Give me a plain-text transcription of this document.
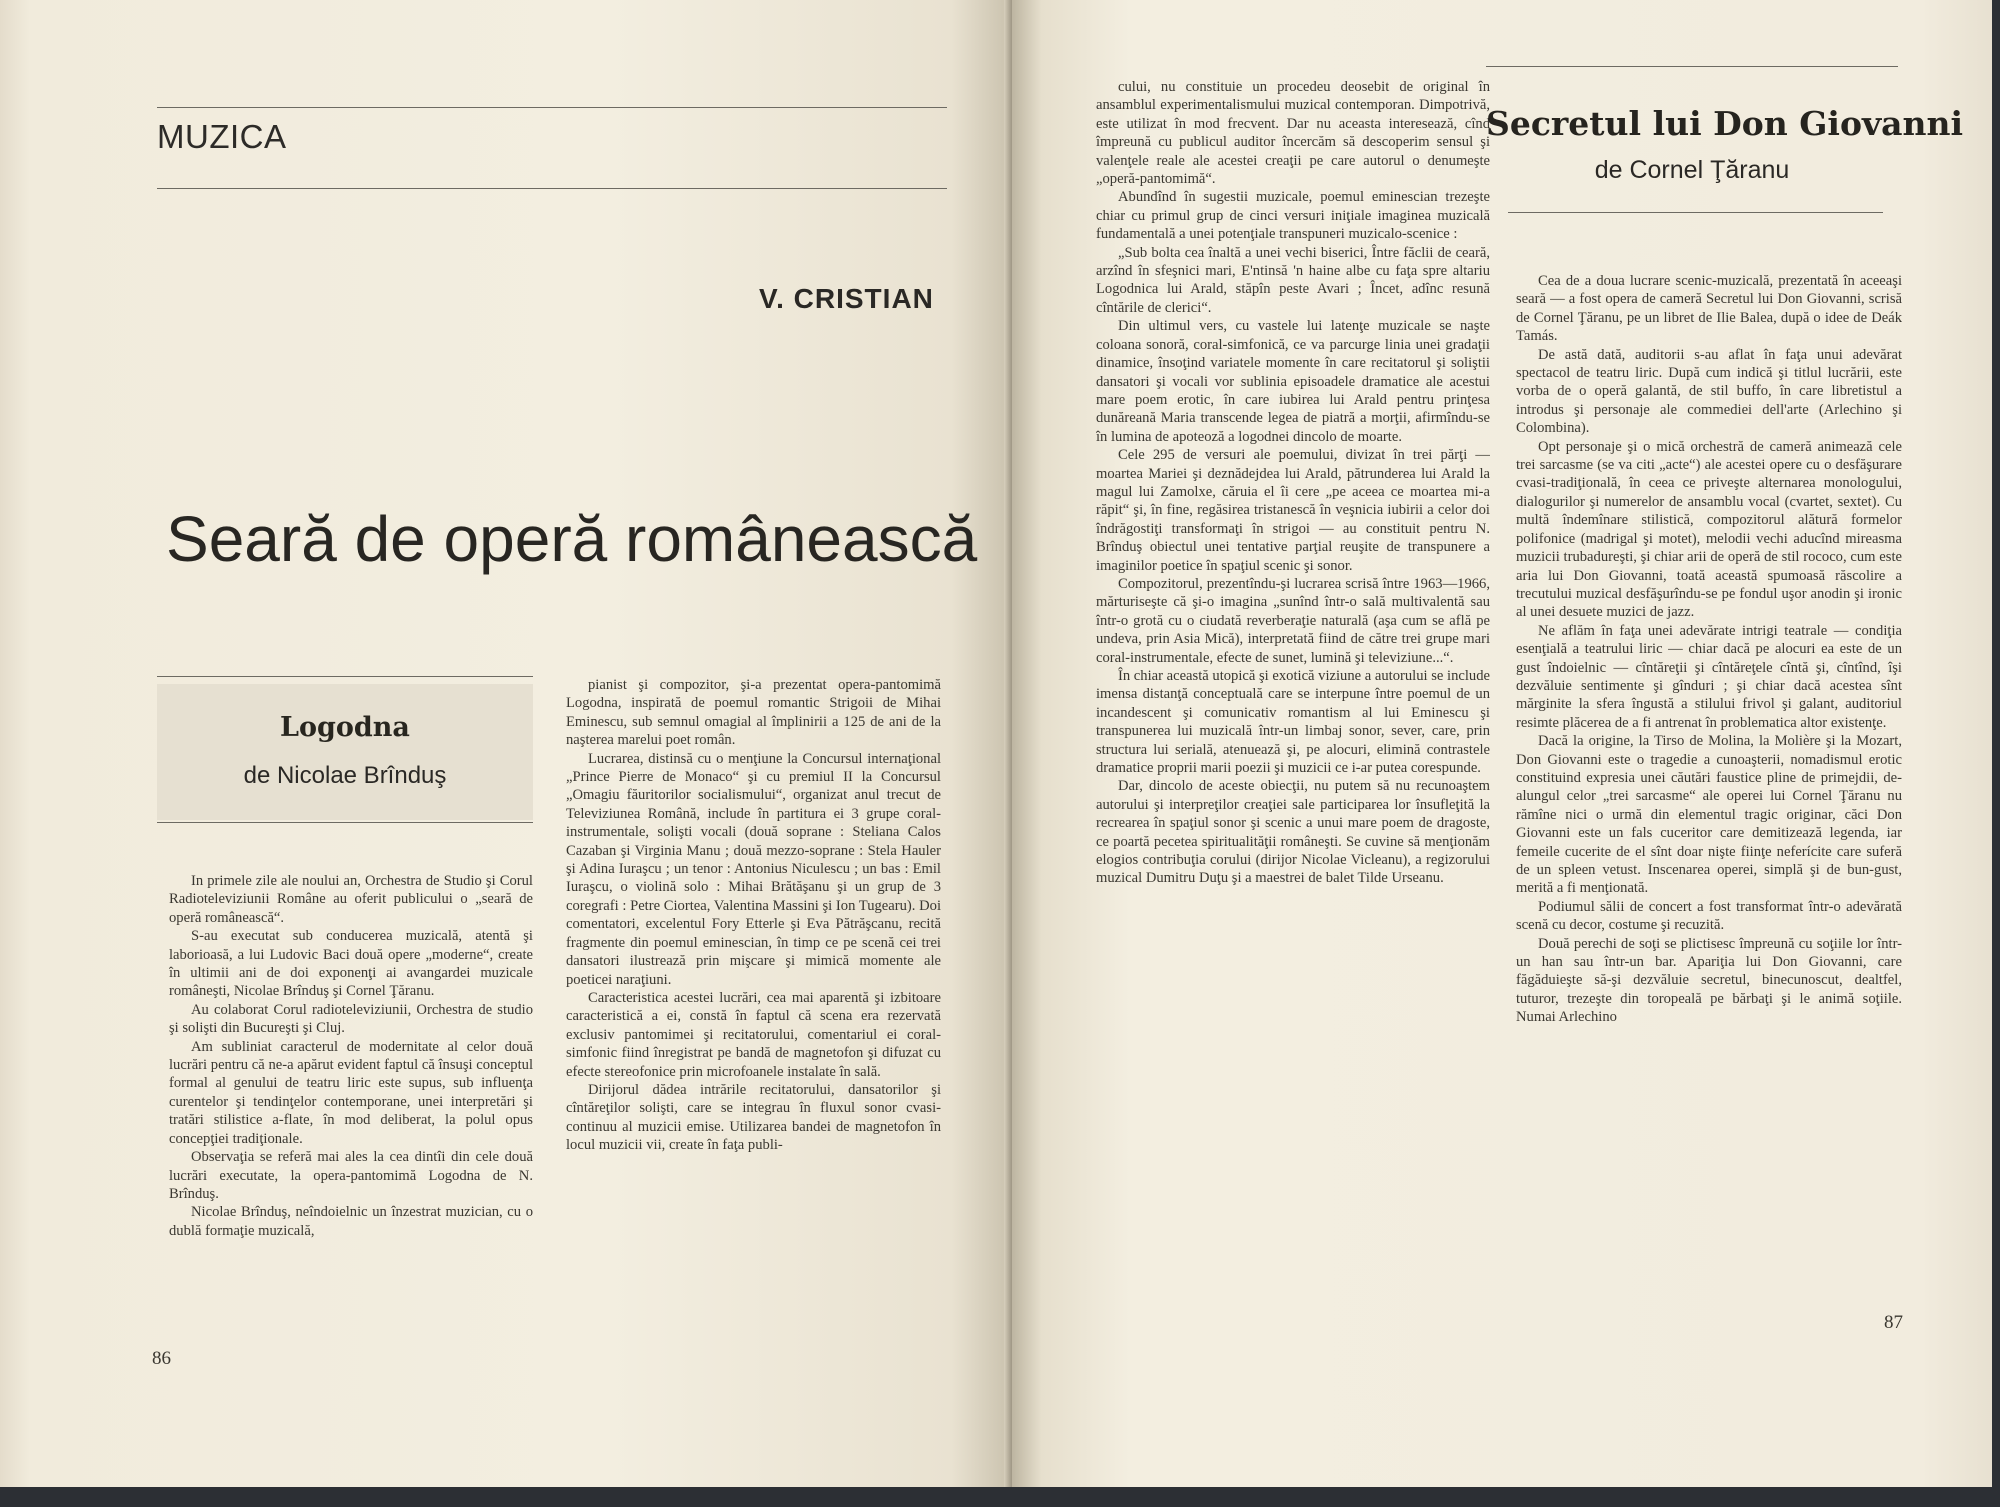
MUZICA
V. CRISTIAN
Seară de operă românească
Logodna
de Nicolae Brînduş

In primele zile ale noului an, Orchestra de Studio şi Corul Radioteleviziunii Române au oferit publicului o „seară de operă românească“.

S-au executat sub conducerea muzicală, atentă şi laborioasă, a lui Ludovic Baci două opere „moderne“, create în ultimii ani de doi exponenţi ai avangardei muzicale româneşti, Nicolae Brînduş şi Cornel Ţăranu.

Au colaborat Corul radioteleviziunii, Orchestra de studio şi solişti din Bucureşti şi Cluj.

Am subliniat caracterul de modernitate al celor două lucrări pentru că ne-a apărut evident faptul că însuşi conceptul formal al genului de teatru liric este supus, sub influenţa curentelor şi tendinţelor contemporane, unei interpretări şi tratări stilistice a-flate, în mod deliberat, la polul opus concepţiei tradiţionale.

Observaţia se referă mai ales la cea dintîi din cele două lucrări executate, la opera-pantomimă Logodna de N. Brînduş.

Nicolae Brînduş, neîndoielnic un înzestrat muzician, cu o dublă formaţie muzicală,

pianist şi compozitor, şi-a prezentat opera-pantomimă Logodna, inspirată de poemul romantic Strigoii de Mihai Eminescu, sub semnul omagial al împlinirii a 125 de ani de la naşterea marelui poet român.

Lucrarea, distinsă cu o menţiune la Concursul internaţional „Prince Pierre de Monaco“ şi cu premiul II la Concursul „Omagiu făuritorilor socialismului“, organizat anul trecut de Televiziunea Română, include în partitura ei 3 grupe coral-instrumentale, solişti vocali (două soprane : Steliana Calos Cazaban şi Virginia Manu ; două mezzo-soprane : Stela Hauler şi Adina Iuraşcu ; un tenor : Antonius Niculescu ; un bas : Emil Iuraşcu, o violină solo : Mihai Brătăşanu şi un grup de 3 coregrafi : Petre Ciortea, Valentina Massini şi Ion Tugearu). Doi comentatori, excelentul Fory Etterle şi Eva Pătrăşcanu, recită fragmente din poemul eminescian, în timp ce pe scenă cei trei dansatori ilustrează prin mişcare şi mimică momente ale poeticei naraţiuni.

Caracteristica acestei lucrări, cea mai aparentă şi izbitoare caracteristică a ei, constă în faptul că scena era rezervată exclusiv pantomimei şi recitatorului, comentariul ei coral-simfonic fiind înregistrat pe bandă de magnetofon şi difuzat cu efecte stereofonice prin microfoanele instalate în sală.

Dirijorul dădea intrările recitatorului, dansatorilor şi cîntăreţilor solişti, care se integrau în fluxul sonor cvasi-continuu al muzicii emise. Utilizarea bandei de magnetofon în locul muzicii vii, create în faţa publi-

86

cului, nu constituie un procedeu deosebit de original în ansamblul experimentalismului muzical contemporan. Dimpotrivă, este utilizat în mod frecvent. Dar nu aceasta interesează, cînd împreună cu publicul auditor încercăm să descoperim sensul şi valenţele reale ale acestei creaţii pe care autorul o denumeşte „operă-pantomimă“.

Abundînd în sugestii muzicale, poemul eminescian trezeşte chiar cu primul grup de cinci versuri iniţiale imaginea muzicală fundamentală a unei potenţiale transpuneri muzicalo-scenice :

„Sub bolta cea înaltă a unei vechi biserici, Între făclii de ceară, arzînd în sfeşnici mari, E'ntinsă 'n haine albe cu faţa spre altariu Logodnica lui Arald, stăpîn peste Avari ; Încet, adînc resună cîntările de clerici“.

Din ultimul vers, cu vastele lui latenţe muzicale se naşte coloana sonoră, coral-simfonică, ce va parcurge linia unei gradaţii dinamice, însoţind variatele momente în care recitatorul şi soliştii dansatori şi vocali vor sublinia episoadele dramatice ale acestui mare poem erotic, în care iubirea lui Arald pentru prinţesa dunăreană Maria transcende legea de piatră a morţii, afirmîndu-se în lumina de apoteoză a logodnei dincolo de moarte.

Cele 295 de versuri ale poemului, divizat în trei părţi — moartea Mariei şi deznădejdea lui Arald, pătrunderea lui Arald la magul lui Zamolxe, căruia el îi cere „pe aceea ce moartea mi-a răpit“ şi, în fine, regăsirea tristanescă în veşnicia iubirii a celor doi îndrăgostiţi transformaţi în strigoi — au constituit pentru N. Brînduş obiectul unei tentative parţial reuşite de transpunere a imaginilor poetice în spaţiul scenic şi sonor.

Compozitorul, prezentîndu-şi lucrarea scrisă între 1963—1966, mărturiseşte că şi-o imagina „sunînd într-o sală multivalentă sau într-o grotă cu o ciudată reverberaţie naturală (aşa cum se află pe undeva, prin Asia Mică), interpretată fiind de către trei grupe mari coral-instrumentale, efecte de sunet, lumină şi televiziune...“.

În chiar această utopică şi exotică viziune a autorului se include imensa distanţă conceptuală care se interpune între poemul de un incandescent şi comunicativ romantism al lui Eminescu şi transpunerea lui muzicală într-un limbaj sonor, sever, care, prin structura lui serială, atenuează şi, pe alocuri, elimină contrastele dramatice proprii marii poezii şi muzicii ce i-ar putea corespunde.

Dar, dincolo de aceste obiecţii, nu putem să nu recunoaştem autorului şi interpreţilor creaţiei sale participarea lor însufleţită la recrearea în spaţiul sonor şi scenic a unui mare poem de dragoste, ce poartă pecetea spiritualităţii româneşti. Se cuvine să menţionăm elogios contribuţia corului (dirijor Nicolae Vicleanu), a regizorului muzical Dumitru Duţu şi a maestrei de balet Tilde Urseanu.

Secretul lui Don Giovanni
de Cornel Ţăranu

Cea de a doua lucrare scenic-muzicală, prezentată în aceeaşi seară — a fost opera de cameră Secretul lui Don Giovanni, scrisă de Cornel Ţăranu, pe un libret de Ilie Balea, după o idee de Deák Tamás.

De astă dată, auditorii s-au aflat în faţa unui adevărat spectacol de teatru liric. După cum indică şi titlul lucrării, este vorba de o operă galantă, de stil buffo, în care libretistul a introdus şi personaje ale commediei dell'arte (Arlechino şi Colombina).

Opt personaje şi o mică orchestră de cameră animează cele trei sarcasme (se va citi „acte“) ale acestei opere cu o desfăşurare cvasi-tradiţională, în ceea ce priveşte alternarea monologului, dialogurilor şi numerelor de ansamblu vocal (cvartet, sextet). Cu multă îndemînare stilistică, compozitorul alătură formelor polifonice (madrigal şi motet), melodii vechi aducînd mireasma muzicii trubadureşti, şi chiar arii de operă de stil rococo, cum este aria lui Don Giovanni, toată această spumoasă răscolire a trecutului muzical desfăşurîndu-se pe fondul uşor anodin şi ironic al unei desuete muzici de jazz.

Ne aflăm în faţa unei adevărate intrigi teatrale — condiţia esenţială a teatrului liric — chiar dacă pe alocuri ea este de un gust îndoielnic — cîntăreţii şi cîntăreţele cîntă şi, cîntînd, îşi dezvăluie sentimente şi gînduri ; şi chiar dacă acestea sînt mărginite la sfera îngustă a stilului frivol şi galant, auditoriul resimte plăcerea de a fi antrenat în problematica altor existenţe.

Dacă la origine, la Tirso de Molina, la Molière şi la Mozart, Don Giovanni este o tragedie a cunoaşterii, nomadismul erotic constituind expresia unei căutări faustice pline de primejdii, de-alungul celor „trei sarcasme“ ale operei lui Cornel Ţăranu nu rămîne nici o urmă din elementul tragic originar, căci Don Giovanni este un fals cuceritor care demitizează legenda, iar femeile cucerite de el sînt doar nişte fiinţe neferícite care suferă de un spleen vetust. Inscenarea operei, simplă şi de bun-gust, merită a fi menţionată.

Podiumul sălii de concert a fost transformat într-o adevărată scenă cu decor, costume şi recuzită.

Două perechi de soţi se plictisesc împreună cu soţiile lor într-un han sau într-un bar. Apariţia lui Don Giovanni, care făgăduieşte să-şi dezvăluie secretul, binecunoscut, dealtfel, tuturor, trezeşte din toropeală pe bărbaţi şi le animă soţiile. Numai Arlechino

87
